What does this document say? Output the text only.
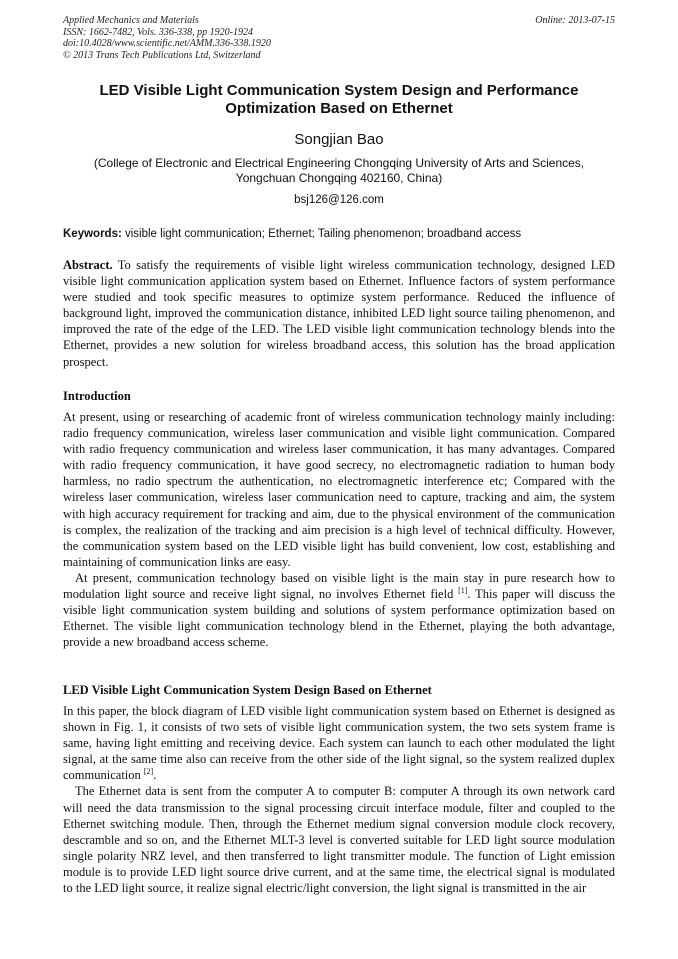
Applied Mechanics and Materials
ISSN: 1662-7482, Vols. 336-338, pp 1920-1924
doi:10.4028/www.scientific.net/AMM.336-338.1920
© 2013 Trans Tech Publications Ltd, Switzerland
Online: 2013-07-15
LED Visible Light Communication System Design and Performance
Optimization Based on Ethernet
Songjian Bao
(College of Electronic and Electrical Engineering Chongqing University of Arts and Sciences,
Yongchuan Chongqing 402160, China)
bsj126@126.com
Keywords: visible light communication; Ethernet; Tailing phenomenon; broadband access
Abstract. To satisfy the requirements of visible light wireless communication technology, designed LED visible light communication application system based on Ethernet. Influence factors of system performance were studied and took specific measures to optimize system performance. Reduced the influence of background light, improved the communication distance, inhibited LED light source tailing phenomenon, and improved the rate of the edge of the LED. The LED visible light communication technology blends into the Ethernet, provides a new solution for wireless broadband access, this solution has the broad application prospect.
Introduction

At present, using or researching of academic front of wireless communication technology mainly including: radio frequency communication, wireless laser communication and visible light communication. Compared with radio frequency communication and wireless laser communication, it has many advantages. Compared with radio frequency communication, it have good secrecy, no electromagnetic radiation to human body harmless, no radio spectrum the authentication, no electromagnetic interference etc; Compared with the wireless laser communication, wireless laser communication need to capture, tracking and aim, the system with high accuracy requirement for tracking and aim, due to the physical environment of the communication is complex, the realization of the tracking and aim precision is a high level of technical difficulty. However, the communication system based on the LED visible light has build convenient, low cost, establishing and maintaining of communication links are easy.

At present, communication technology based on visible light is the main stay in pure research how to modulation light source and receive light signal, no involves Ethernet field [1]. This paper will discuss the visible light communication system building and solutions of system performance optimization based on Ethernet. The visible light communication technology blend in the Ethernet, playing the both advantage, provide a new broadband access scheme.

LED Visible Light Communication System Design Based on Ethernet

In this paper, the block diagram of LED visible light communication system based on Ethernet is designed as shown in Fig. 1, it consists of two sets of visible light communication system, the two sets system frame is same, having light emitting and receiving device. Each system can launch to each other modulated the light signal, at the same time also can receive from the other side of the light signal, so the system realized duplex communication [2].

The Ethernet data is sent from the computer A to computer B: computer A through its own network card will need the data transmission to the signal processing circuit interface module, filter and coupled to the Ethernet switching module. Then, through the Ethernet medium signal conversion module clock recovery, descramble and so on, and the Ethernet MLT-3 level is converted suitable for LED light source modulation single polarity NRZ level, and then transferred to light transmitter module. The function of Light emission module is to provide LED light source drive current, and at the same time, the electrical signal is modulated to the LED light source, it realize signal electric/light conversion, the light signal is transmitted in the air
